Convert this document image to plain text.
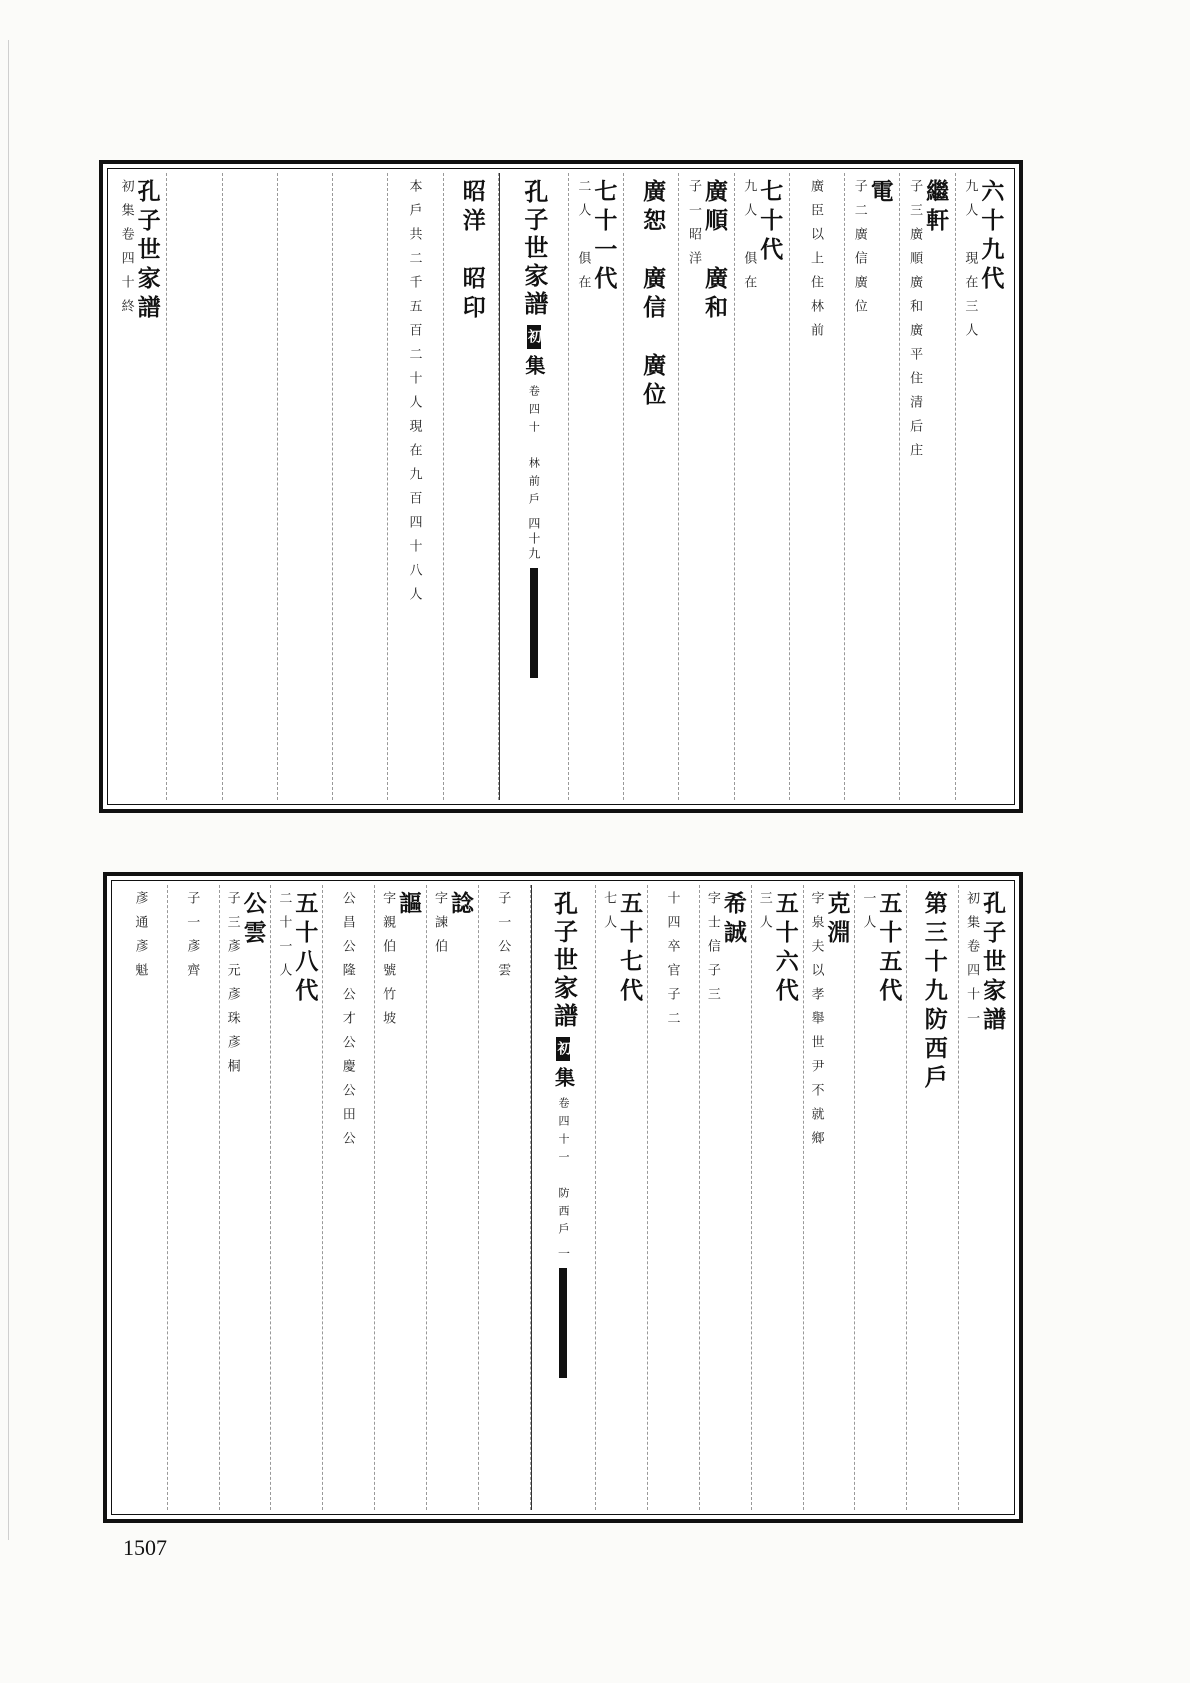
六十九代
九人　現在三人
繼軒
子三廣順廣和廣平住清后庄
電
子二廣信廣位
廣臣以上住林前
七十代
九人　俱在
廣順　廣和
子一昭洋
廣恕　廣信　廣位
七十一代
二人　俱在
孔子世家譜
初
集
卷四十　林前戶
四十九
昭洋　昭印
本戶共二千五百二十人現在九百四十八人
孔子世家譜
初集卷四十終
孔子世家譜
初集卷四十一
第三十九防西戶
五十五代
一人
克淵
字泉夫以孝舉世尹不就鄉
五十六代
三人
希誠
字士信子三
十四卒官子二
五十七代
七人
孔子世家譜
初
集
卷四十一　防西戶
一
子一公雲
諗
字諫伯
謳
字親伯號竹坡
公昌公隆公才公慶公田公
五十八代
二十一人
公雲
子三彥元彥珠彥桐
子一彥齊
彥通彥魁
1507
